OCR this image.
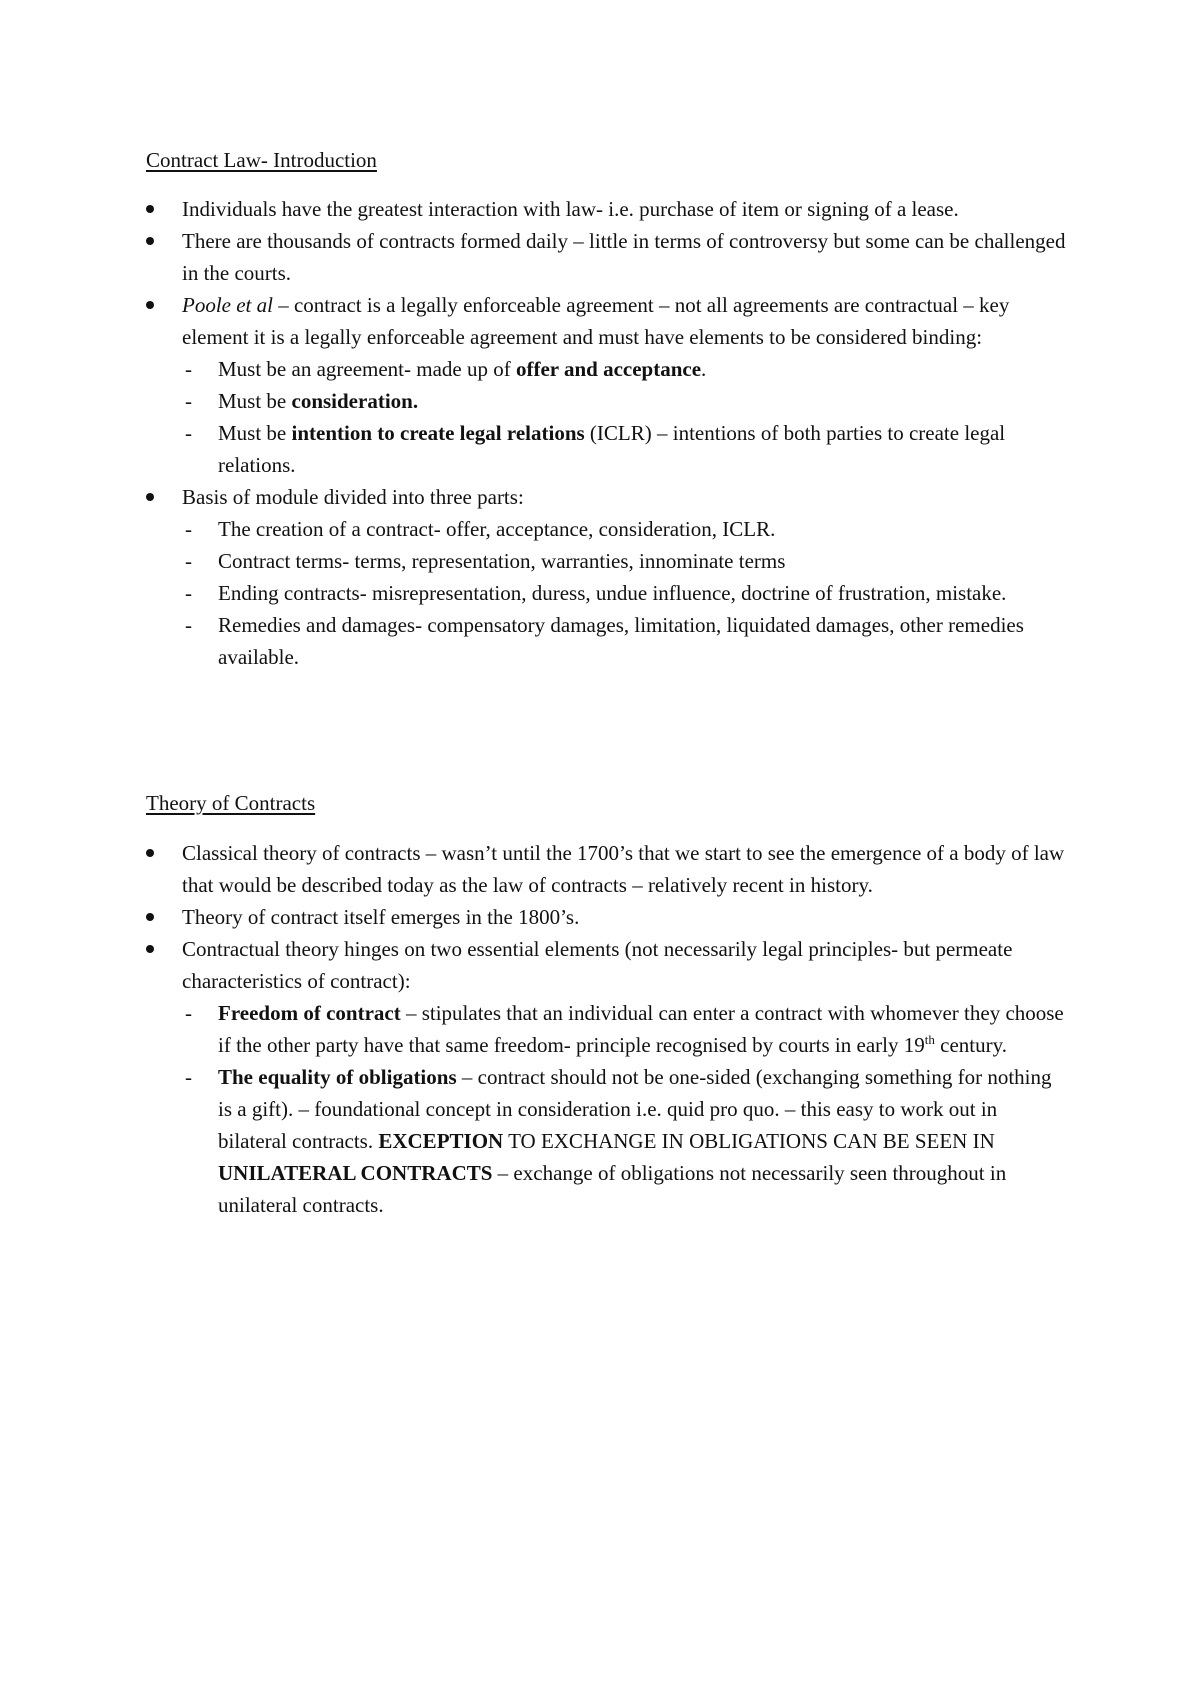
Contract Law- Introduction
Individuals have the greatest interaction with law- i.e. purchase of item or signing of a lease.
There are thousands of contracts formed daily – little in terms of controversy but some can be challenged in the courts.
Poole et al – contract is a legally enforceable agreement – not all agreements are contractual – key element it is a legally enforceable agreement and must have elements to be considered binding:
- Must be an agreement- made up of offer and acceptance.
- Must be consideration.
- Must be intention to create legal relations (ICLR) – intentions of both parties to create legal relations.
Basis of module divided into three parts:
- The creation of a contract- offer, acceptance, consideration, ICLR.
- Contract terms- terms, representation, warranties, innominate terms
- Ending contracts- misrepresentation, duress, undue influence, doctrine of frustration, mistake.
- Remedies and damages- compensatory damages, limitation, liquidated damages, other remedies available.
Theory of Contracts
Classical theory of contracts – wasn’t until the 1700’s that we start to see the emergence of a body of law that would be described today as the law of contracts – relatively recent in history.
Theory of contract itself emerges in the 1800’s.
Contractual theory hinges on two essential elements (not necessarily legal principles- but permeate characteristics of contract):
- Freedom of contract – stipulates that an individual can enter a contract with whomever they choose if the other party have that same freedom- principle recognised by courts in early 19th century.
- The equality of obligations – contract should not be one-sided (exchanging something for nothing is a gift). – foundational concept in consideration i.e. quid pro quo. – this easy to work out in bilateral contracts. EXCEPTION TO EXCHANGE IN OBLIGATIONS CAN BE SEEN IN UNILATERAL CONTRACTS – exchange of obligations not necessarily seen throughout in unilateral contracts.
